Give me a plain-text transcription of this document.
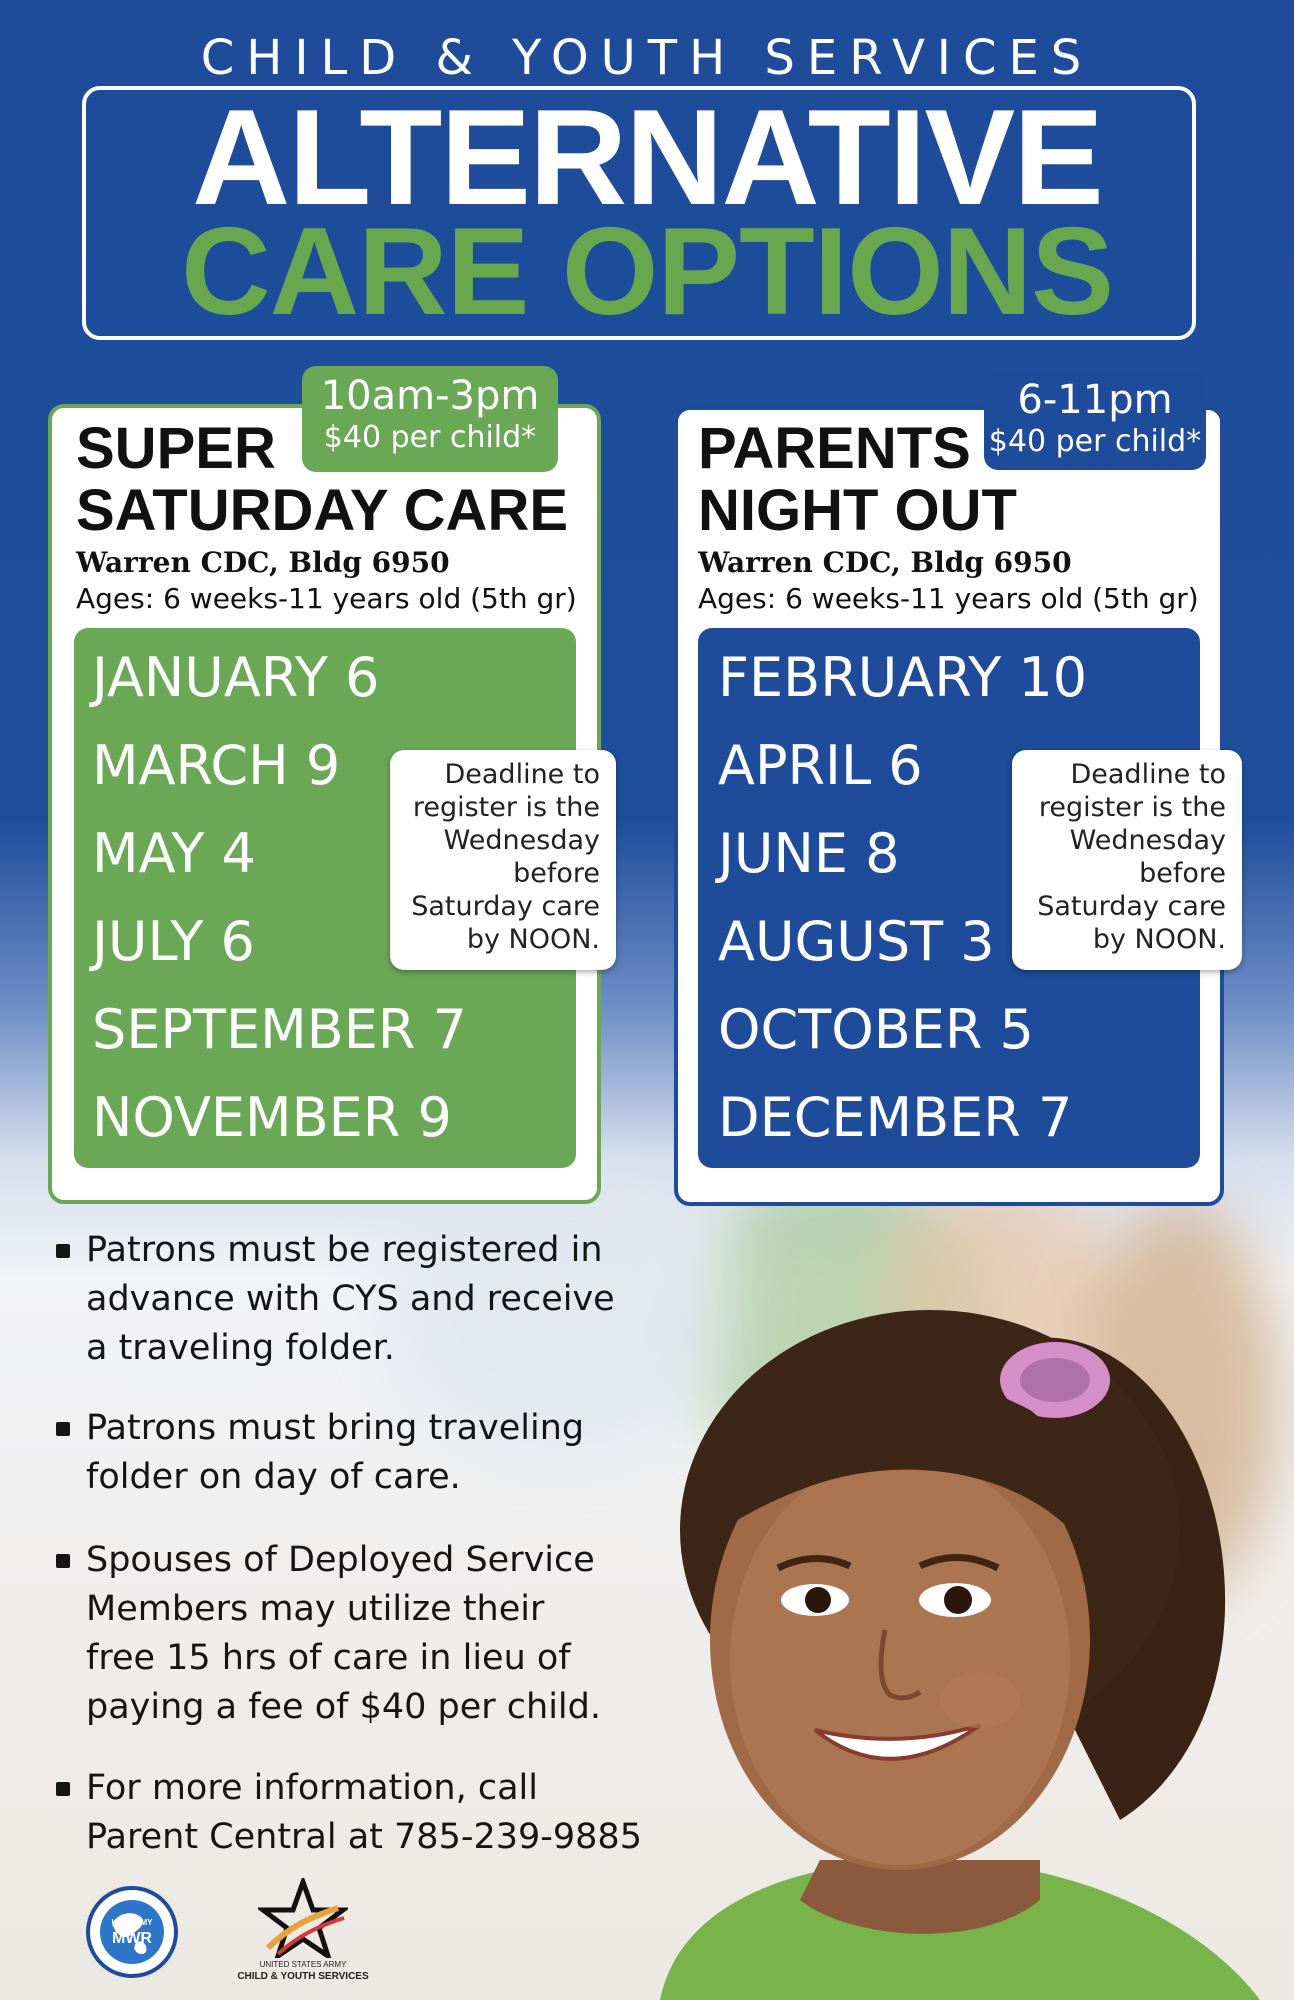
CHILD & YOUTH SERVICES
ALTERNATIVE
CARE OPTIONS
10am-3pm
$40 per child*
SUPER
SATURDAY CARE
Warren CDC, Bldg 6950
Ages: 6 weeks-11 years old (5th gr)
JANUARY 6
MARCH 9
MAY 4
JULY 6
SEPTEMBER 7
NOVEMBER 9
Deadline to
register is the
Wednesday
before
Saturday care
by NOON.
6-11pm
$40 per child*
PARENTS
NIGHT OUT
Warren CDC, Bldg 6950
Ages: 6 weeks-11 years old (5th gr)
FEBRUARY 10
APRIL 6
JUNE 8
AUGUST 3
OCTOBER 5
DECEMBER 7
Deadline to
register is the
Wednesday
before
Saturday care
by NOON.
Patrons must be registered in
advance with CYS and receive
a traveling folder.
Patrons must bring traveling
folder on day of care.
Spouses of Deployed Service
Members may utilize their
free 15 hrs of care in lieu of
paying a fee of $40 per child.
For more information, call
Parent Central at 785-239-9885
U.S. ARMY
MWR
UNITED STATES ARMY
CHILD & YOUTH SERVICES
